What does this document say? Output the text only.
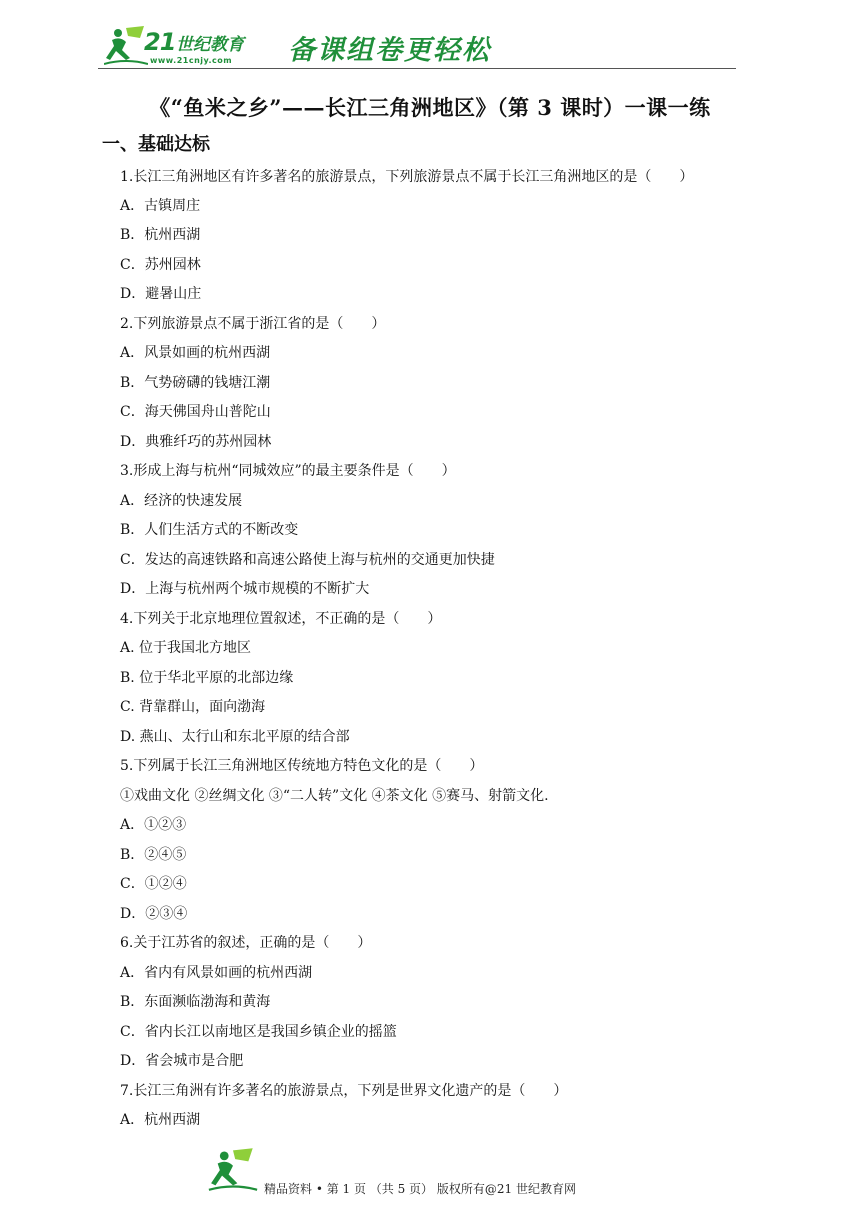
21 世纪教育
www.21cnjy.com 备课组卷更轻松
《“鱼米之乡”——长江三角洲地区》（第 3 课时）一课一练
一、基础达标
1.长江三角洲地区有许多著名的旅游景点，下列旅游景点不属于长江三角洲地区的是（　　）
A．古镇周庄
B．杭州西湖
C．苏州园林
D．避暑山庄
2.下列旅游景点不属于浙江省的是（　　）
A．风景如画的杭州西湖
B．气势磅礴的钱塘江潮
C．海天佛国舟山普陀山
D．典雅纤巧的苏州园林
3.形成上海与杭州“同城效应”的最主要条件是（　　）
A．经济的快速发展
B．人们生活方式的不断改变
C．发达的高速铁路和高速公路使上海与杭州的交通更加快捷
D．上海与杭州两个城市规模的不断扩大
4.下列关于北京地理位置叙述，不正确的是（　　）
A. 位于我国北方地区
B. 位于华北平原的北部边缘
C. 背靠群山，面向渤海
D. 燕山、太行山和东北平原的结合部
5.下列属于长江三角洲地区传统地方特色文化的是（　　）
①戏曲文化 ②丝绸文化 ③“二人转”文化 ④茶文化 ⑤赛马、射箭文化.
A．①②③
B．②④⑤
C．①②④
D．②③④
6.关于江苏省的叙述，正确的是（　　）
A．省内有风景如画的杭州西湖
B．东面濒临渤海和黄海
C．省内长江以南地区是我国乡镇企业的摇篮
D．省会城市是合肥
7.长江三角洲有许多著名的旅游景点，下列是世界文化遗产的是（　　）
A．杭州西湖
精品资料 • 第 1 页 （共 5 页） 版权所有@21 世纪教育网
